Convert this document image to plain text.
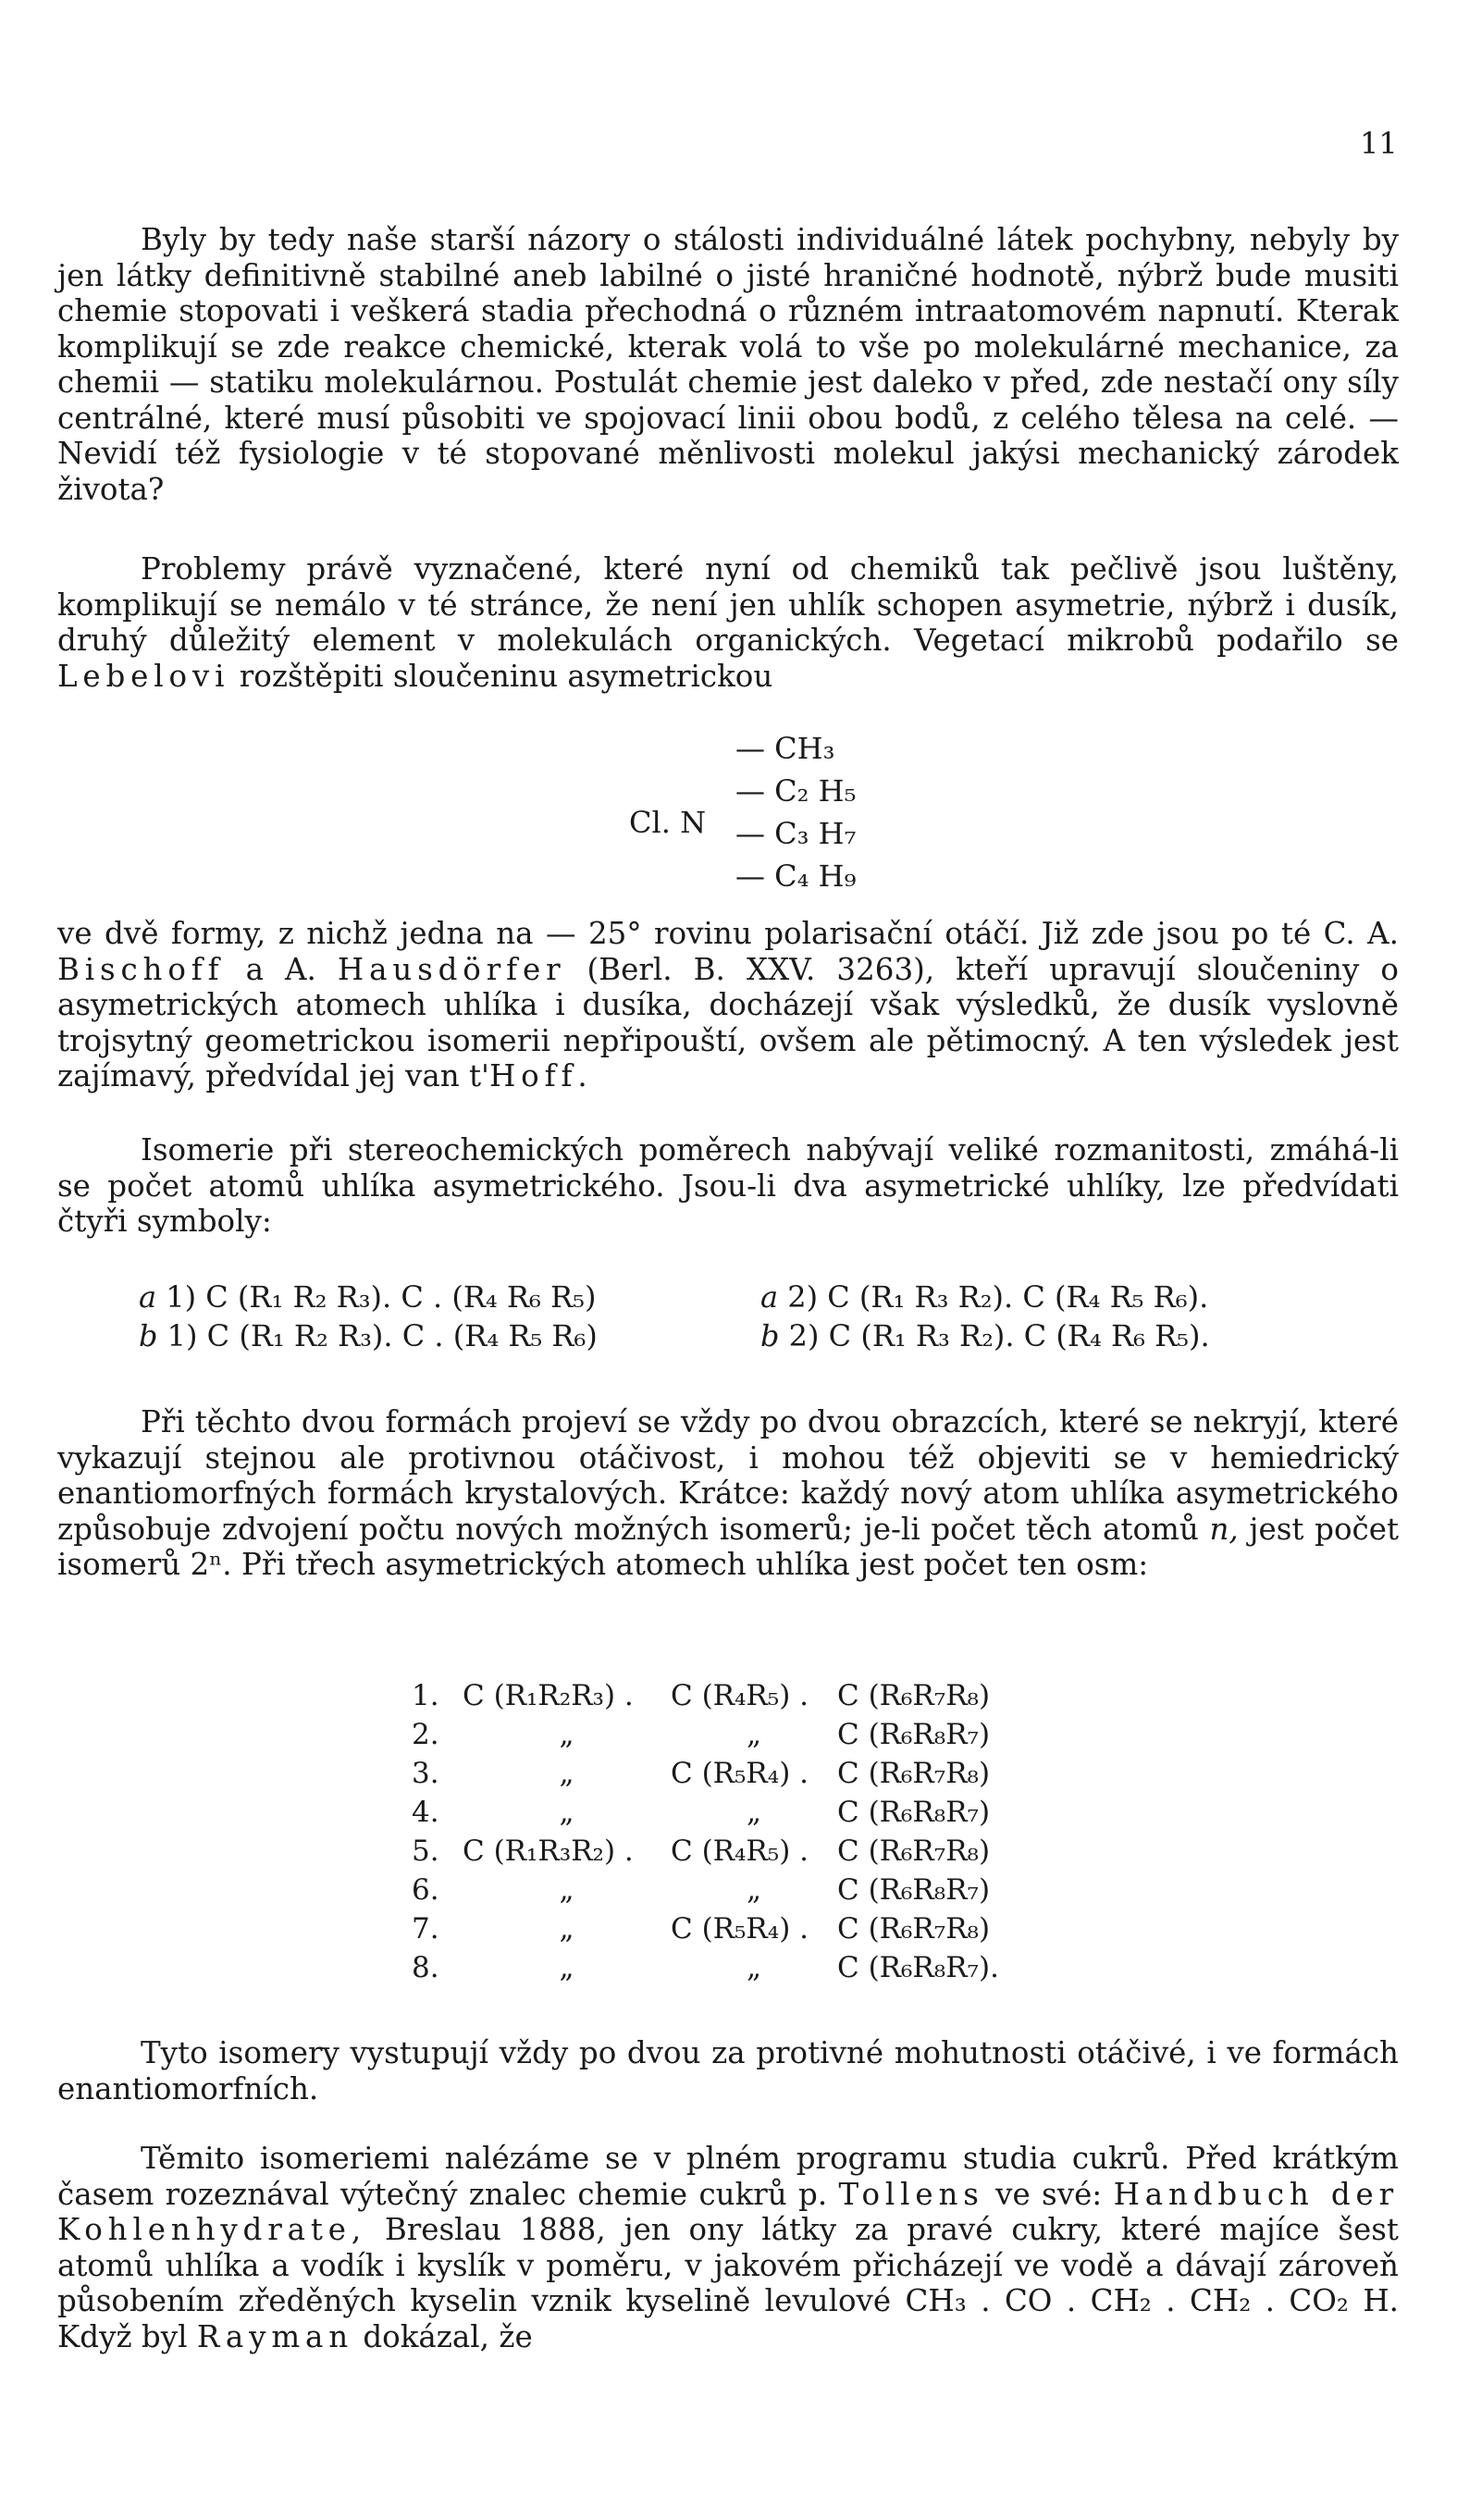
11

Byly by tedy naše starší názory o stálosti individuálné látek pochybny, nebyly by jen látky definitivně stabilné aneb labilné o jisté hraničné hodnotě, nýbrž bude musiti chemie stopovati i veškerá stadia přechodná o různém intraatomovém napnutí. Kterak komplikují se zde reakce chemické, kterak volá to vše po molekulárné mechanice, za chemii — statiku molekulárnou. Postulát chemie jest daleko v před, zde nestačí ony síly centrálné, které musí působiti ve spojovací linii obou bodů, z celého tělesa na celé. — Nevidí též fysiologie v té stopované měnlivosti molekul jakýsi mechanický zárodek života?

Problemy právě vyznačené, které nyní od chemiků tak pečlivě jsou luštěny, komplikují se nemálo v té stránce, že není jen uhlík schopen asymetrie, nýbrž i dusík, druhý důležitý element v molekulách organických. Vegetací mikrobů podařilo se Lebelovi rozštěpiti sloučeninu asymetrickou

Cl. N
— CH₃
— C₂ H₅
— C₃ H₇
— C₄ H₉

ve dvě formy, z nichž jedna na — 25° rovinu polarisační otáčí. Již zde jsou po té C. A. Bischoff a A. Hausdörfer (Berl. B. XXV. 3263), kteří upravují sloučeniny o asymetrických atomech uhlíka i dusíka, docházejí však výsledků, že dusík vyslovně trojsytný geometrickou isomerii nepřipouští, ovšem ale pětimocný. A ten výsledek jest zajímavý, předvídal jej van t'Hoff.

Isomerie při stereochemických poměrech nabývají veliké rozmanitosti, zmáhá-li se počet atomů uhlíka asymetrického. Jsou-li dva asymetrické uhlíky, lze předvídati čtyři symboly:

a 1) C (R₁ R₂ R₃). C . (R₄ R₆ R₅)	a 2) C (R₁ R₃ R₂). C (R₄ R₅ R₆).
b 1) C (R₁ R₂ R₃). C . (R₄ R₅ R₆)	b 2) C (R₁ R₃ R₂). C (R₄ R₆ R₅).

Při těchto dvou formách projeví se vždy po dvou obrazcích, které se nekryjí, které vykazují stejnou ale protivnou otáčivost, i mohou též objeviti se v hemiedrický enantiomorfných formách krystalových. Krátce: každý nový atom uhlíka asymetrického způsobuje zdvojení počtu nových možných isomerů; je-li počet těch atomů n, jest počet isomerů 2ⁿ. Při třech asymetrických atomech uhlíka jest počet ten osm:

1. C (R₁R₂R₃) .	C (R₄R₅) . C (R₆R₇R₈)
2.	„	„	C (R₆R₈R₇)
3.	„	C (R₅R₄) . C (R₆R₇R₈)
4.	„	„	C (R₆R₈R₇)
5. C (R₁R₃R₂) .	C (R₄R₅) . C (R₆R₇R₈)
6.	„	„	C (R₆R₈R₇)
7.	„	C (R₅R₄) . C (R₆R₇R₈)
8.	„	„	C (R₆R₈R₇).

Tyto isomery vystupují vždy po dvou za protivné mohutnosti otáčivé, i ve formách enantiomorfních.

Těmito isomeriemi nalézáme se v plném programu studia cukrů. Před krátkým časem rozeznával výtečný znalec chemie cukrů p. Tollens ve své: Handbuch der Kohlenhydrate, Breslau 1888, jen ony látky za pravé cukry, které majíce šest atomů uhlíka a vodík i kyslík v poměru, v jakovém přicházejí ve vodě a dávají zároveň působením zředěných kyselin vznik kyselině levulové CH₃ . CO . CH₂ . CH₂ . CO₂ H. Když byl Rayman dokázal, že
